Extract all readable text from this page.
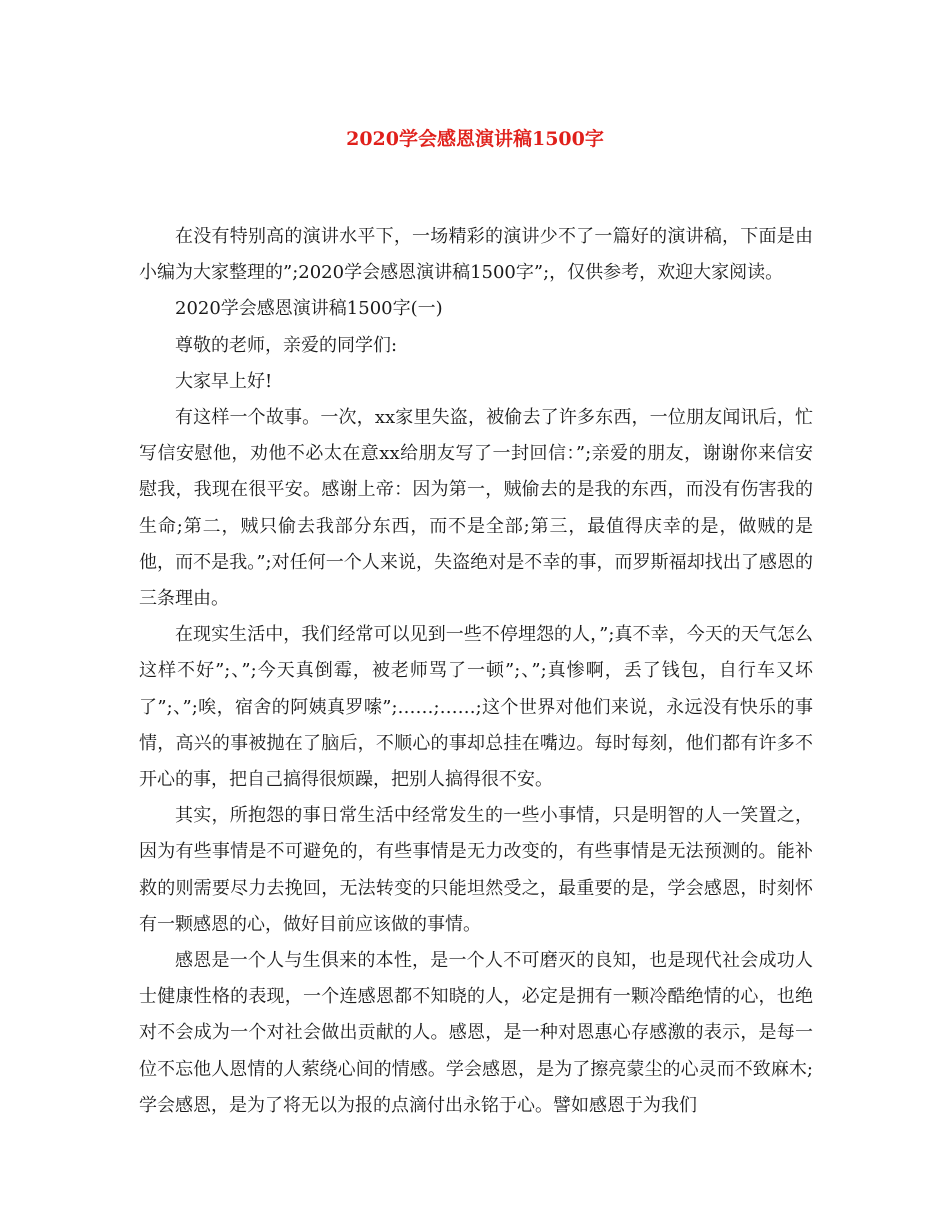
2020学会感恩演讲稿1500字

在没有特别高的演讲水平下，一场精彩的演讲少不了一篇好的演讲稿，下面是由小编为大家整理的”;2020学会感恩演讲稿1500字”;，仅供参考，欢迎大家阅读。

2020学会感恩演讲稿1500字(一)

尊敬的老师，亲爱的同学们:

大家早上好!

有这样一个故事。一次，xx家里失盗，被偷去了许多东西，一位朋友闻讯后，忙写信安慰他，劝他不必太在意xx给朋友写了一封回信：”;亲爱的朋友，谢谢你来信安慰我，我现在很平安。感谢上帝：因为第一，贼偷去的是我的东西，而没有伤害我的生命;第二，贼只偷去我部分东西，而不是全部;第三，最值得庆幸的是，做贼的是他，而不是我。”;对任何一个人来说，失盗绝对是不幸的事，而罗斯福却找出了感恩的三条理由。

在现实生活中，我们经常可以见到一些不停埋怨的人，”;真不幸，今天的天气怎么这样不好”;、”;今天真倒霉，被老师骂了一顿”;、”;真惨啊，丢了钱包，自行车又坏了”;、”;唉，宿舍的阿姨真罗嗦”;……;……;这个世界对他们来说，永远没有快乐的事情，高兴的事被抛在了脑后，不顺心的事却总挂在嘴边。每时每刻，他们都有许多不开心的事，把自己搞得很烦躁，把别人搞得很不安。

其实，所抱怨的事日常生活中经常发生的一些小事情，只是明智的人一笑置之，因为有些事情是不可避免的，有些事情是无力改变的，有些事情是无法预测的。能补救的则需要尽力去挽回，无法转变的只能坦然受之，最重要的是，学会感恩，时刻怀有一颗感恩的心，做好目前应该做的事情。

感恩是一个人与生俱来的本性，是一个人不可磨灭的良知，也是现代社会成功人士健康性格的表现，一个连感恩都不知晓的人，必定是拥有一颗冷酷绝情的心，也绝对不会成为一个对社会做出贡献的人。感恩，是一种对恩惠心存感激的表示，是每一位不忘他人恩情的人萦绕心间的情感。学会感恩，是为了擦亮蒙尘的心灵而不致麻木;学会感恩，是为了将无以为报的点滴付出永铭于心。譬如感恩于为我们
